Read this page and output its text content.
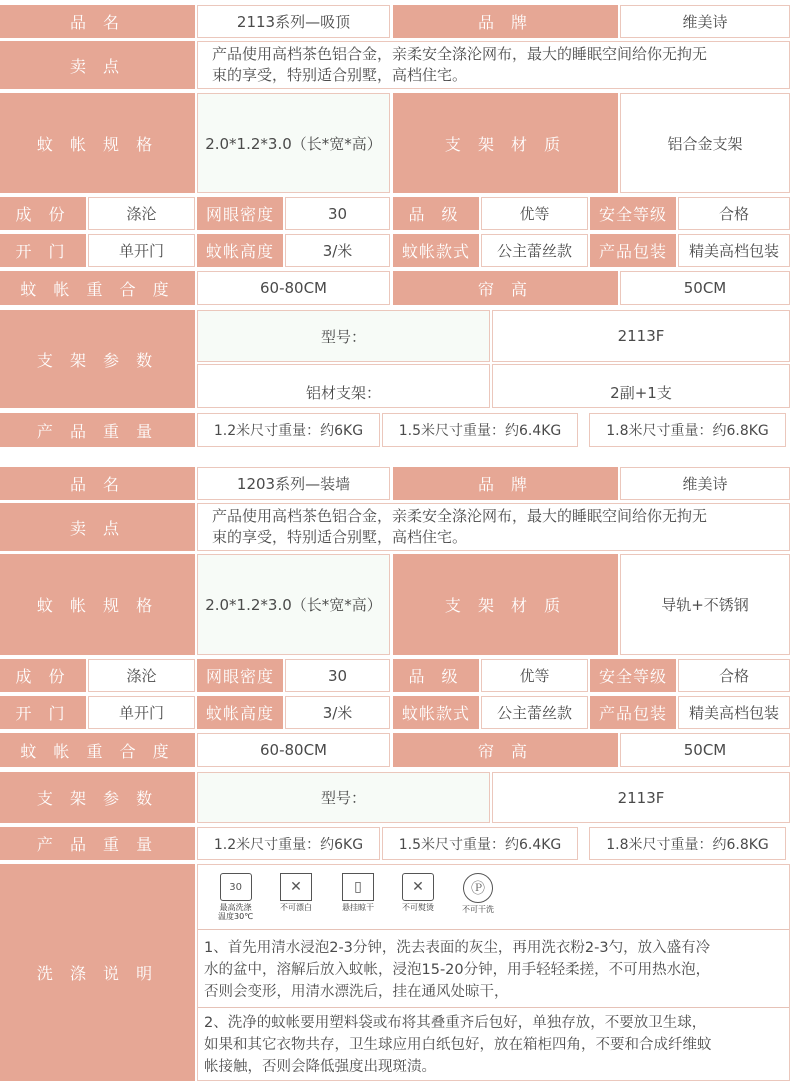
品 名	2113系列—吸顶	品 牌	维美诗
卖 点
产品使用高档茶色铝合金，亲柔安全涤沦网布，最大的睡眠空间给你无拘无
束的享受，特别适合别墅，高档住宅。
蚊 帐 规 格	2.0*1.2*3.0（长*宽*高）	支 架 材 质	铝合金支架
成 份	涤沦	网眼密度	30	品 级	优等	安全等级	合格
开 门	单开门	蚊帐高度	3/米	蚊帐款式	公主蕾丝款	产品包装	精美高档包装
蚊 帐 重 合 度	60-80CM	帘 高	50CM
支 架 参 数
型号：	2113F
铝材支架：	2副+1支
产 品 重 量	1.2米尺寸重量：约6KG	1.5米尺寸重量：约6.4KG	1.8米尺寸重量：约6.8KG
品 名	1203系列—装墙	品 牌	维美诗
卖 点
产品使用高档茶色铝合金，亲柔安全涤沦网布，最大的睡眠空间给你无拘无
束的享受，特别适合别墅，高档住宅。
蚊 帐 规 格	2.0*1.2*3.0（长*宽*高）	支 架 材 质	导轨+不锈钢
成 份	涤沦	网眼密度	30	品 级	优等	安全等级	合格
开 门	单开门	蚊帐高度	3/米	蚊帐款式	公主蕾丝款	产品包装	精美高档包装
蚊 帐 重 合 度	60-80CM	帘 高	50CM
支 架 参 数	型号：	2113F
产 品 重 量	1.2米尺寸重量：约6KG	1.5米尺寸重量：约6.4KG	1.8米尺寸重量：约6.8KG
洗 涤 说 明
30
最高洗涤
温度30℃
✕
不可漂白
▯
悬挂晾干
✕
不可熨烫
Ⓟ
不可干洗
1、首先用清水浸泡2-3分钟，洗去表面的灰尘，再用洗衣粉2-3勺，放入盛有冷
水的盆中，溶解后放入蚊帐，浸泡15-20分钟，用手轻轻柔搓，不可用热水泡，
否则会变形，用清水漂洗后，挂在通风处晾干，
2、洗净的蚊帐要用塑料袋或布将其叠重齐后包好，单独存放，不要放卫生球，
如果和其它衣物共存，卫生球应用白纸包好，放在箱柜四角，不要和合成纤维蚊
帐接触，否则会降低强度出现斑渍。
